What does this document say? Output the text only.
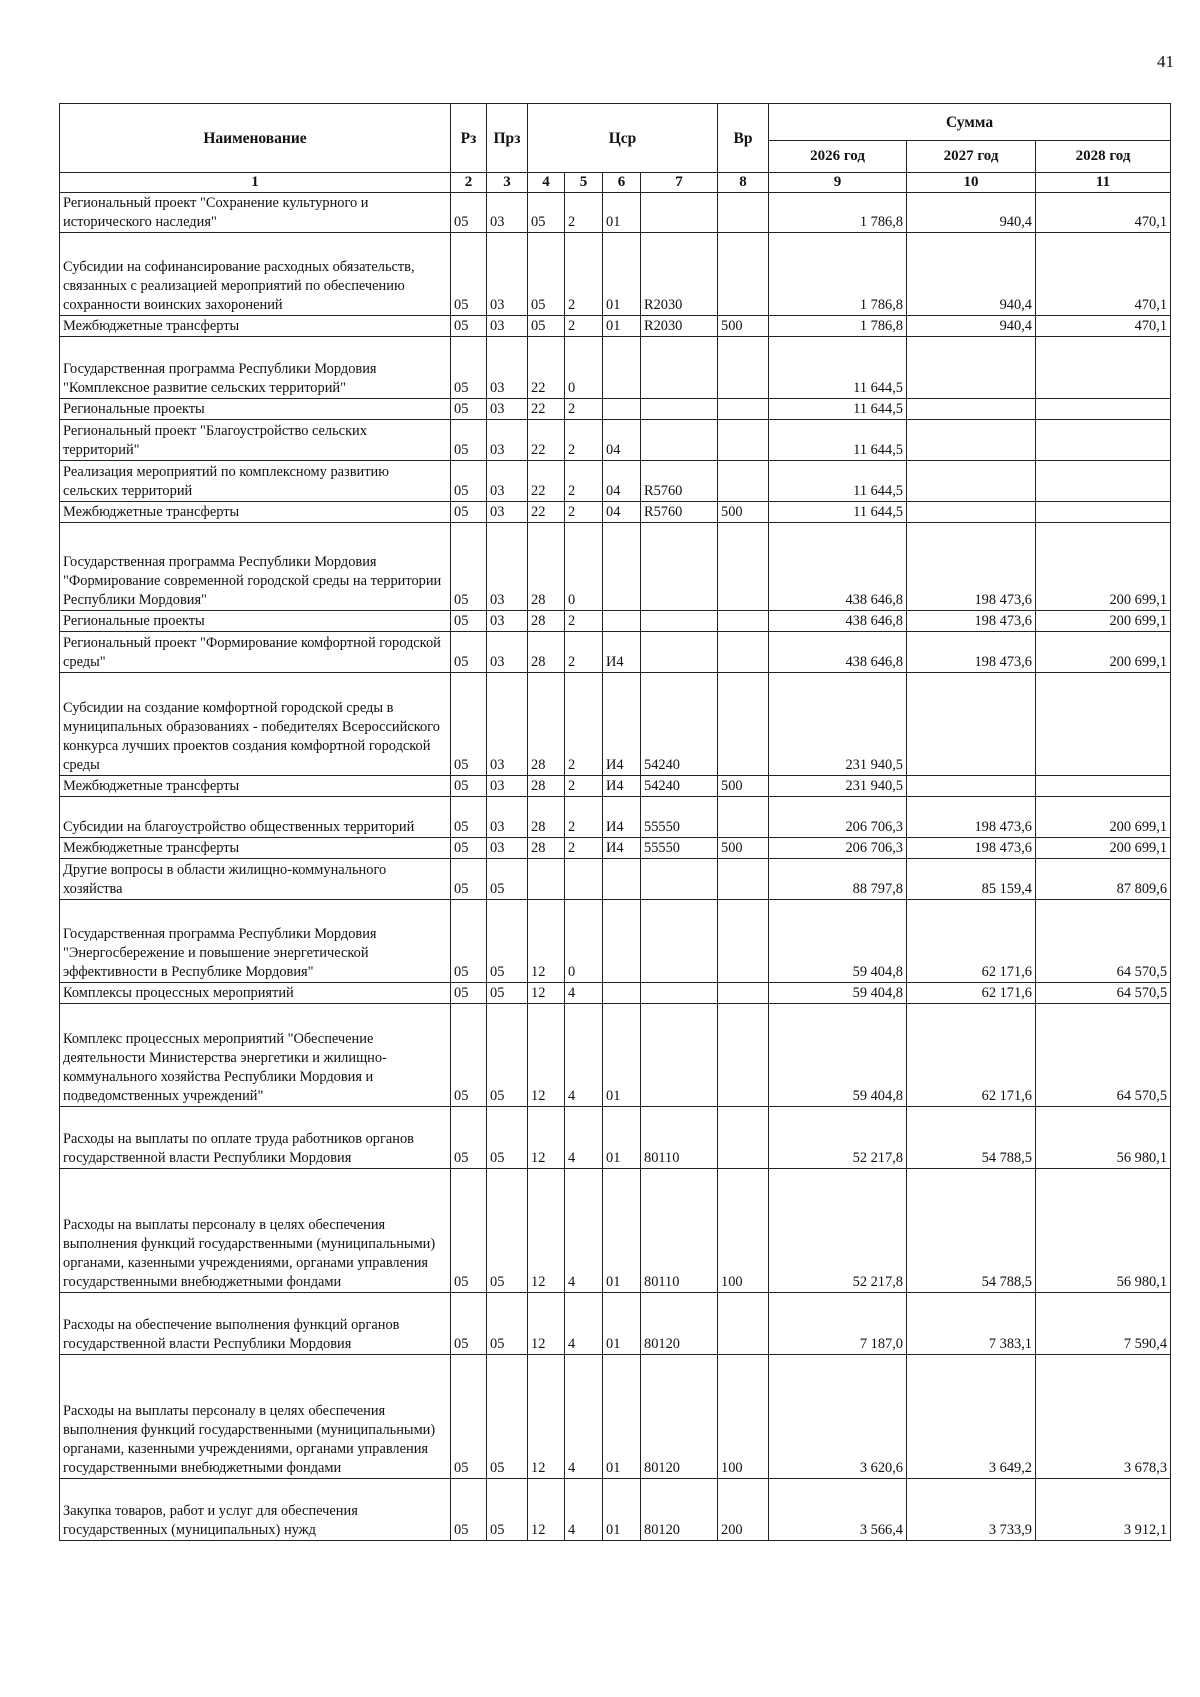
41
Наименование	Рз	Прз	Цср				Вр	Сумма		
								2026 год	2027 год	2028 год
1	2	3	4	5	6	7	8	9	10	11
Региональный проект "Сохранение культурного и исторического наследия"	05	03	05	2	01			1 786,8	940,4	470,1
Субсидии на софинансирование расходных обязательств, связанных с реализацией мероприятий по обеспечению сохранности воинских захоронений	05	03	05	2	01	R2030		1 786,8	940,4	470,1
Межбюджетные трансферты	05	03	05	2	01	R2030	500	1 786,8	940,4	470,1
Государственная программа Республики Мордовия "Комплексное развитие сельских территорий"	05	03	22	0				11 644,5		
Региональные проекты	05	03	22	2				11 644,5		
Региональный проект "Благоустройство сельских территорий"	05	03	22	2	04			11 644,5		
Реализация мероприятий по комплексному развитию сельских территорий	05	03	22	2	04	R5760		11 644,5		
Межбюджетные трансферты	05	03	22	2	04	R5760	500	11 644,5		
Государственная программа Республики Мордовия "Формирование современной городской среды на территории Республики Мордовия"	05	03	28	0				438 646,8	198 473,6	200 699,1
Региональные проекты	05	03	28	2				438 646,8	198 473,6	200 699,1
Региональный проект "Формирование комфортной городской среды"	05	03	28	2	И4			438 646,8	198 473,6	200 699,1
Субсидии на создание комфортной городской среды в муниципальных образованиях - победителях Всероссийского конкурса лучших проектов создания комфортной городской среды	05	03	28	2	И4	54240		231 940,5		
Межбюджетные трансферты	05	03	28	2	И4	54240	500	231 940,5		
Субсидии на благоустройство общественных территорий	05	03	28	2	И4	55550		206 706,3	198 473,6	200 699,1
Межбюджетные трансферты	05	03	28	2	И4	55550	500	206 706,3	198 473,6	200 699,1
Другие вопросы в области жилищно-коммунального хозяйства	05	05						88 797,8	85 159,4	87 809,6
Государственная программа Республики Мордовия "Энергосбережение и повышение энергетической эффективности в Республике Мордовия"	05	05	12	0				59 404,8	62 171,6	64 570,5
Комплексы процессных мероприятий	05	05	12	4				59 404,8	62 171,6	64 570,5
Комплекс процессных мероприятий "Обеспечение деятельности Министерства энергетики и жилищно-коммунального хозяйства Республики Мордовия и подведомственных учреждений"	05	05	12	4	01			59 404,8	62 171,6	64 570,5
Расходы на выплаты по оплате труда работников органов государственной власти Республики Мордовия	05	05	12	4	01	80110		52 217,8	54 788,5	56 980,1
Расходы на выплаты персоналу в целях обеспечения выполнения функций государственными (муниципальными) органами, казенными учреждениями, органами управления государственными внебюджетными фондами	05	05	12	4	01	80110	100	52 217,8	54 788,5	56 980,1
Расходы на обеспечение выполнения функций органов государственной власти Республики Мордовия	05	05	12	4	01	80120		7 187,0	7 383,1	7 590,4
Расходы на выплаты персоналу в целях обеспечения выполнения функций государственными (муниципальными) органами, казенными учреждениями, органами управления государственными внебюджетными фондами	05	05	12	4	01	80120	100	3 620,6	3 649,2	3 678,3
Закупка товаров, работ и услуг для обеспечения государственных (муниципальных) нужд	05	05	12	4	01	80120	200	3 566,4	3 733,9	3 912,1
